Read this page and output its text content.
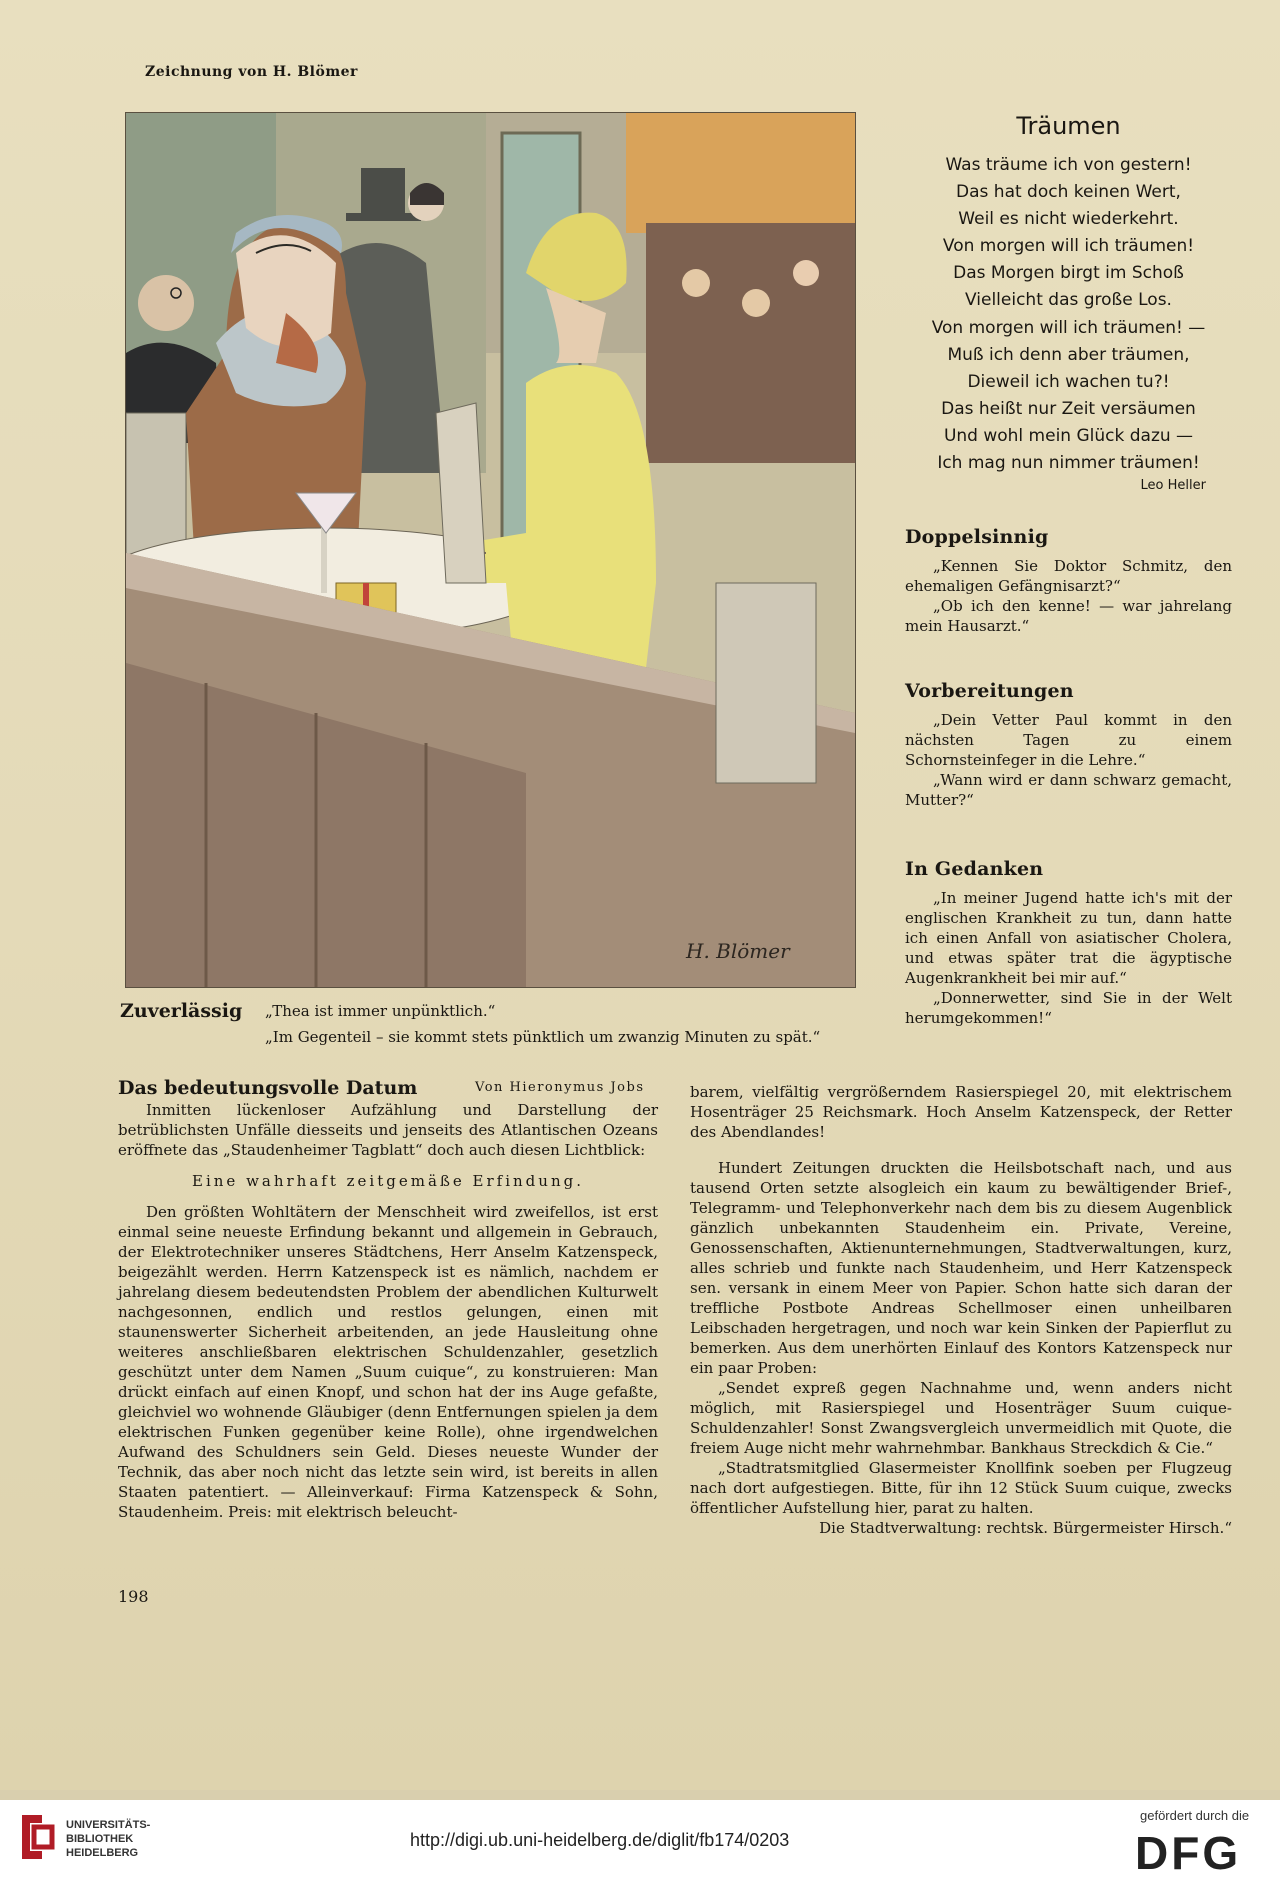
Zeichnung von H. Blömer
H. Blömer
Träumen
Was träume ich von gestern!
Das hat doch keinen Wert,
Weil es nicht wiederkehrt.
Von morgen will ich träumen!
Das Morgen birgt im Schoß
Vielleicht das große Los.
Von morgen will ich träumen! —
Muß ich denn aber träumen,
Dieweil ich wachen tu?!
Das heißt nur Zeit versäumen
Und wohl mein Glück dazu —
Ich mag nun nimmer träumen!
Leo Heller
Doppelsinnig
„Kennen Sie Doktor Schmitz, den ehemaligen Gefängnisarzt?“
„Ob ich den kenne! — war jahrelang mein Hausarzt.“
Vorbereitungen
„Dein Vetter Paul kommt in den nächsten Tagen zu einem Schornsteinfeger in die Lehre.“
„Wann wird er dann schwarz gemacht, Mutter?“
In Gedanken
„In meiner Jugend hatte ich's mit der englischen Krankheit zu tun, dann hatte ich einen Anfall von asiatischer Cholera, und etwas später trat die ägyptische Augenkrankheit bei mir auf.“
„Donnerwetter, sind Sie in der Welt herumgekommen!“
Zuverlässig „Thea ist immer unpünktlich.“
„Im Gegenteil – sie kommt stets pünktlich um zwanzig Minuten zu spät.“
Das bedeutungsvolle Datum	Von Hieronymus Jobs
Inmitten lückenloser Aufzählung und Darstellung der betrüblichsten Unfälle diesseits und jenseits des Atlantischen Ozeans eröffnete das „Staudenheimer Tagblatt“ doch auch diesen Lichtblick:
Eine wahrhaft zeitgemäße Erfindung.
Den größten Wohltätern der Menschheit wird zweifellos, ist erst einmal seine neueste Erfindung bekannt und allgemein in Gebrauch, der Elektrotechniker unseres Städtchens, Herr Anselm Katzenspeck, beigezählt werden. Herrn Katzenspeck ist es nämlich, nachdem er jahrelang diesem bedeutendsten Problem der abendlichen Kulturwelt nachgesonnen, endlich und restlos gelungen, einen mit staunenswerter Sicherheit arbeitenden, an jede Hausleitung ohne weiteres anschließbaren elektrischen Schuldenzahler, gesetzlich geschützt unter dem Namen „Suum cuique“, zu konstruieren: Man drückt einfach auf einen Knopf, und schon hat der ins Auge gefaßte, gleichviel wo wohnende Gläubiger (denn Entfernungen spielen ja dem elektrischen Funken gegenüber keine Rolle), ohne irgendwelchen Aufwand des Schuldners sein Geld. Dieses neueste Wunder der Technik, das aber noch nicht das letzte sein wird, ist bereits in allen Staaten patentiert. — Alleinverkauf: Firma Katzenspeck & Sohn, Staudenheim. Preis: mit elektrisch beleucht-
barem, vielfältig vergrößerndem Rasierspiegel 20, mit elektrischem Hosenträger 25 Reichsmark. Hoch Anselm Katzenspeck, der Retter des Abendlandes!
Hundert Zeitungen druckten die Heilsbotschaft nach, und aus tausend Orten setzte alsogleich ein kaum zu bewältigender Brief-, Telegramm- und Telephonverkehr nach dem bis zu diesem Augenblick gänzlich unbekannten Staudenheim ein. Private, Vereine, Genossenschaften, Aktienunternehmungen, Stadtverwaltungen, kurz, alles schrieb und funkte nach Staudenheim, und Herr Katzenspeck sen. versank in einem Meer von Papier. Schon hatte sich daran der treffliche Postbote Andreas Schellmoser einen unheilbaren Leibschaden hergetragen, und noch war kein Sinken der Papierflut zu bemerken. Aus dem unerhörten Einlauf des Kontors Katzenspeck nur ein paar Proben:
„Sendet expreß gegen Nachnahme und, wenn anders nicht möglich, mit Rasierspiegel und Hosenträger Suum cuique-Schuldenzahler! Sonst Zwangsvergleich unvermeidlich mit Quote, die freiem Auge nicht mehr wahrnehmbar. Bankhaus Streckdich & Cie.“
„Stadtratsmitglied Glasermeister Knollfink soeben per Flugzeug nach dort aufgestiegen. Bitte, für ihn 12 Stück Suum cuique, zwecks öffentlicher Aufstellung hier, parat zu halten.
Die Stadtverwaltung: rechtsk. Bürgermeister Hirsch.“
198
UNIVERSITÄTS-
BIBLIOTHEK
HEIDELBERG
http://digi.ub.uni-heidelberg.de/diglit/fb174/0203
gefördert durch die
DFG
